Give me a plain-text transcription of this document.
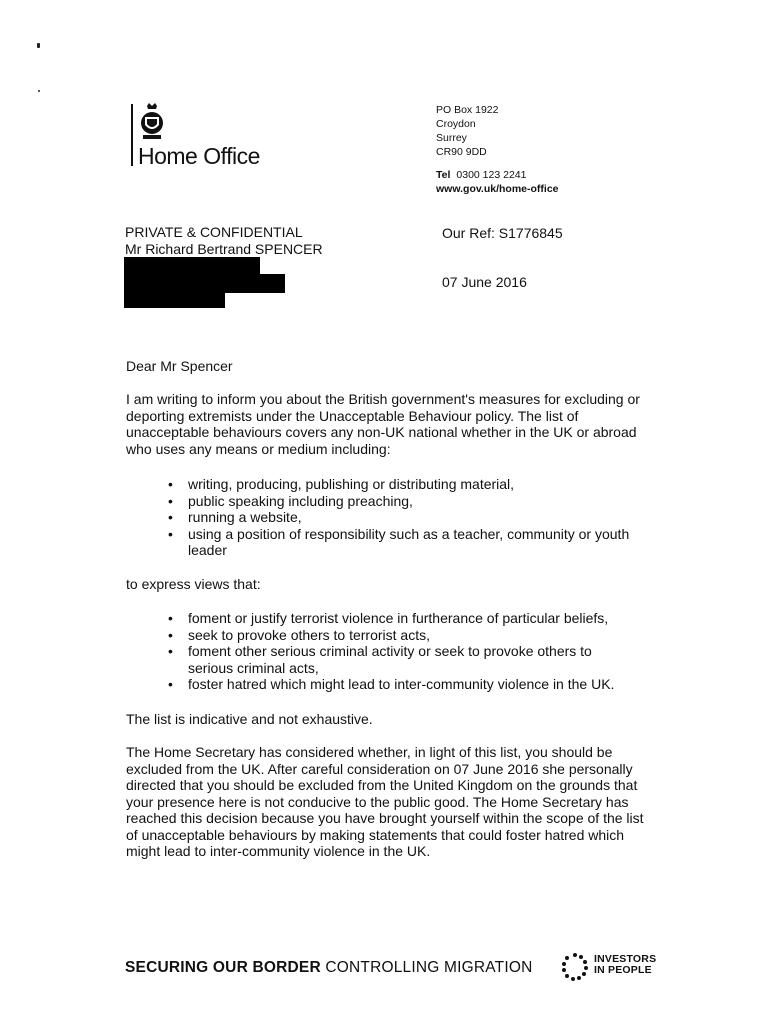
Home Office
PO Box 1922
Croydon
Surrey
CR90 9DD
Tel 0300 123 2241
www.gov.uk/home-office
PRIVATE & CONFIDENTIAL
Mr Richard Bertrand SPENCER
Our Ref: S1776845
07 June 2016
Dear Mr Spencer
I am writing to inform you about the British government's measures for excluding or deporting extremists under the Unacceptable Behaviour policy. The list of unacceptable behaviours covers any non-UK national whether in the UK or abroad who uses any means or medium including:
• writing, producing, publishing or distributing material,
• public speaking including preaching,
• running a website,
• using a position of responsibility such as a teacher, community or youth leader
to express views that:
• foment or justify terrorist violence in furtherance of particular beliefs,
• seek to provoke others to terrorist acts,
• foment other serious criminal activity or seek to provoke others to serious criminal acts,
• foster hatred which might lead to inter-community violence in the UK.
The list is indicative and not exhaustive.
The Home Secretary has considered whether, in light of this list, you should be excluded from the UK. After careful consideration on 07 June 2016 she personally directed that you should be excluded from the United Kingdom on the grounds that your presence here is not conducive to the public good. The Home Secretary has reached this decision because you have brought yourself within the scope of the list of unacceptable behaviours by making statements that could foster hatred which might lead to inter-community violence in the UK.
SECURING OUR BORDER CONTROLLING MIGRATION	INVESTORS
IN PEOPLE
